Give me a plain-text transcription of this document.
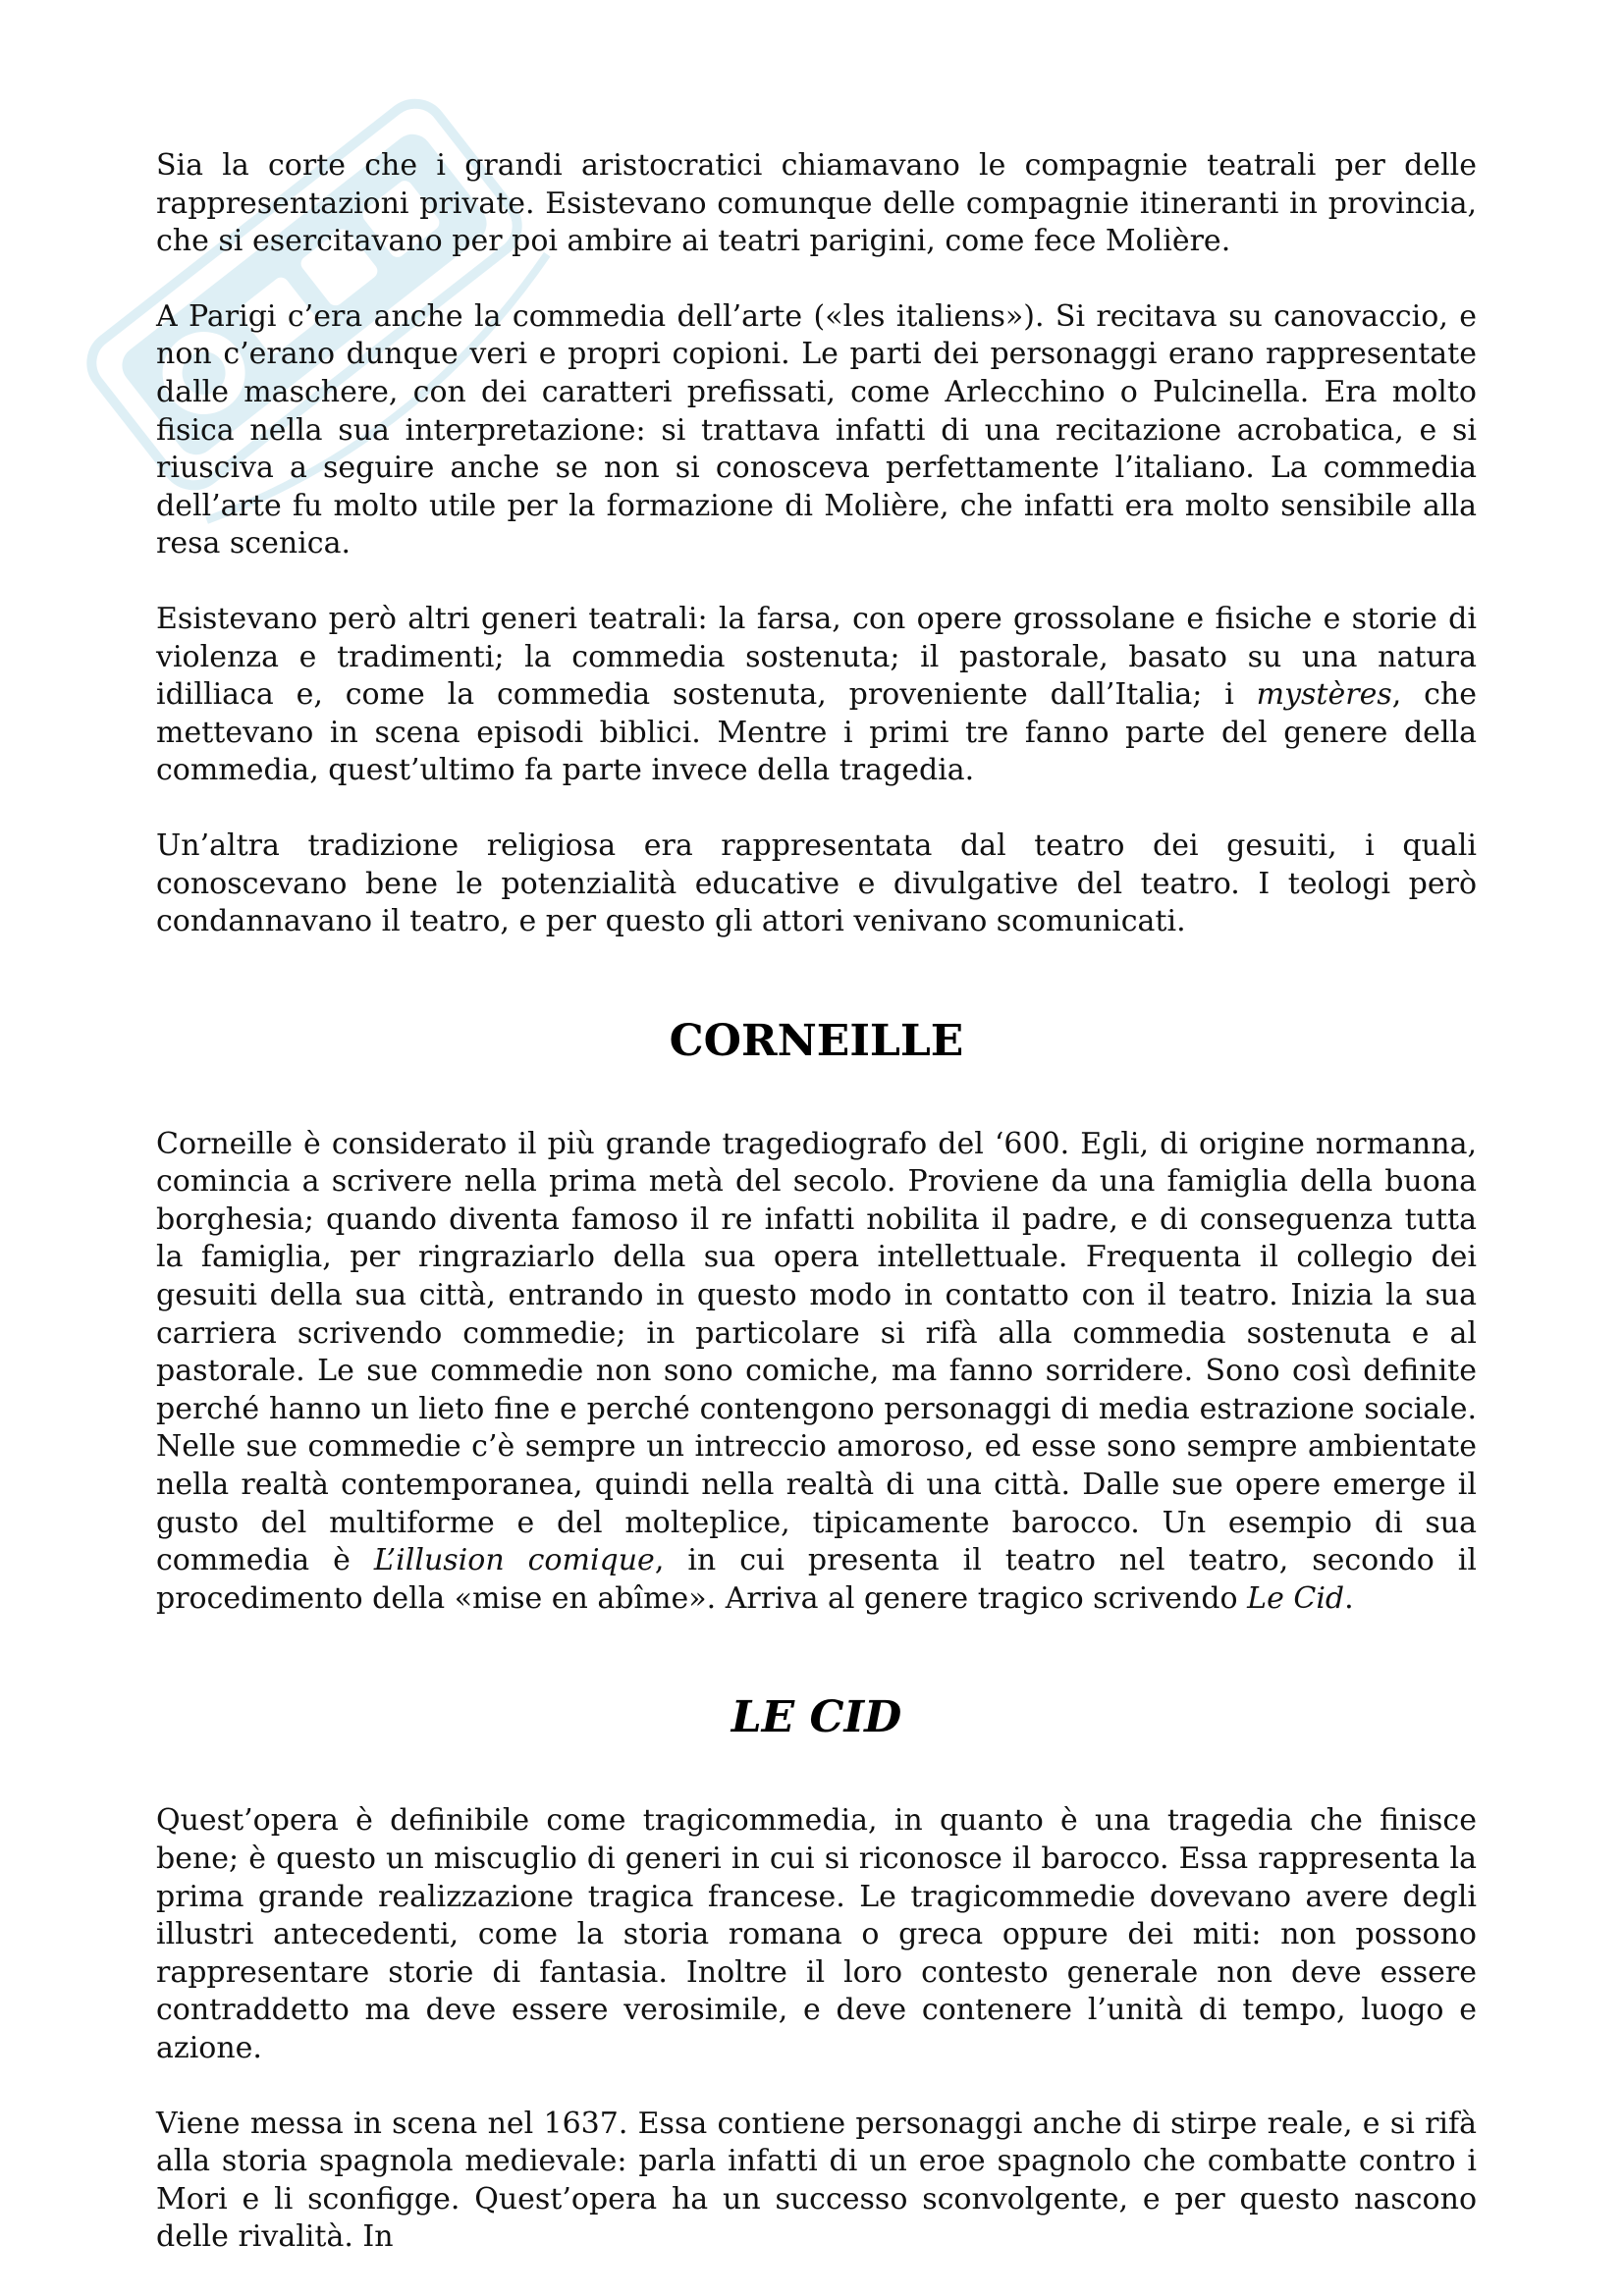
Sia la corte che i grandi aristocratici chiamavano le compagnie teatrali per delle rappresentazioni private. Esistevano comunque delle compagnie itineranti in provincia, che si esercitavano per poi ambire ai teatri parigini, come fece Molière.

A Parigi c’era anche la commedia dell’arte («les italiens»). Si recitava su canovaccio, e non c’erano dunque veri e propri copioni. Le parti dei personaggi erano rappresentate dalle maschere, con dei caratteri prefissati, come Arlecchino o Pulcinella. Era molto fisica nella sua interpretazione: si trattava infatti di una recitazione acrobatica, e si riusciva a seguire anche se non si conosceva perfettamente l’italiano. La commedia dell’arte fu molto utile per la formazione di Molière, che infatti era molto sensibile alla resa scenica.

Esistevano però altri generi teatrali: la farsa, con opere grossolane e fisiche e storie di violenza e tradimenti; la commedia sostenuta; il pastorale, basato su una natura idilliaca e, come la commedia sostenuta, proveniente dall’Italia; i mystères, che mettevano in scena episodi biblici. Mentre i primi tre fanno parte del genere della commedia, quest’ultimo fa parte invece della tragedia.

Un’altra tradizione religiosa era rappresentata dal teatro dei gesuiti, i quali conoscevano bene le potenzialità educative e divulgative del teatro. I teologi però condannavano il teatro, e per questo gli attori venivano scomunicati.

CORNEILLE

Corneille è considerato il più grande tragediografo del ‘600. Egli, di origine normanna, comincia a scrivere nella prima metà del secolo. Proviene da una famiglia della buona borghesia; quando diventa famoso il re infatti nobilita il padre, e di conseguenza tutta la famiglia, per ringraziarlo della sua opera intellettuale. Frequenta il collegio dei gesuiti della sua città, entrando in questo modo in contatto con il teatro. Inizia la sua carriera scrivendo commedie; in particolare si rifà alla commedia sostenuta e al pastorale. Le sue commedie non sono comiche, ma fanno sorridere. Sono così definite perché hanno un lieto fine e perché contengono personaggi di media estrazione sociale. Nelle sue commedie c’è sempre un intreccio amoroso, ed esse sono sempre ambientate nella realtà contemporanea, quindi nella realtà di una città. Dalle sue opere emerge il gusto del multiforme e del molteplice, tipicamente barocco. Un esempio di sua commedia è L’illusion comique, in cui presenta il teatro nel teatro, secondo il procedimento della «mise en abîme». Arriva al genere tragico scrivendo Le Cid.

LE CID

Quest’opera è definibile come tragicommedia, in quanto è una tragedia che finisce bene; è questo un miscuglio di generi in cui si riconosce il barocco. Essa rappresenta la prima grande realizzazione tragica francese. Le tragicommedie dovevano avere degli illustri antecedenti, come la storia romana o greca oppure dei miti: non possono rappresentare storie di fantasia. Inoltre il loro contesto generale non deve essere contraddetto ma deve essere verosimile, e deve contenere l’unità di tempo, luogo e azione.

Viene messa in scena nel 1637. Essa contiene personaggi anche di stirpe reale, e si rifà alla storia spagnola medievale: parla infatti di un eroe spagnolo che combatte contro i Mori e li sconfigge. Quest’opera ha un successo sconvolgente, e per questo nascono delle rivalità. In
